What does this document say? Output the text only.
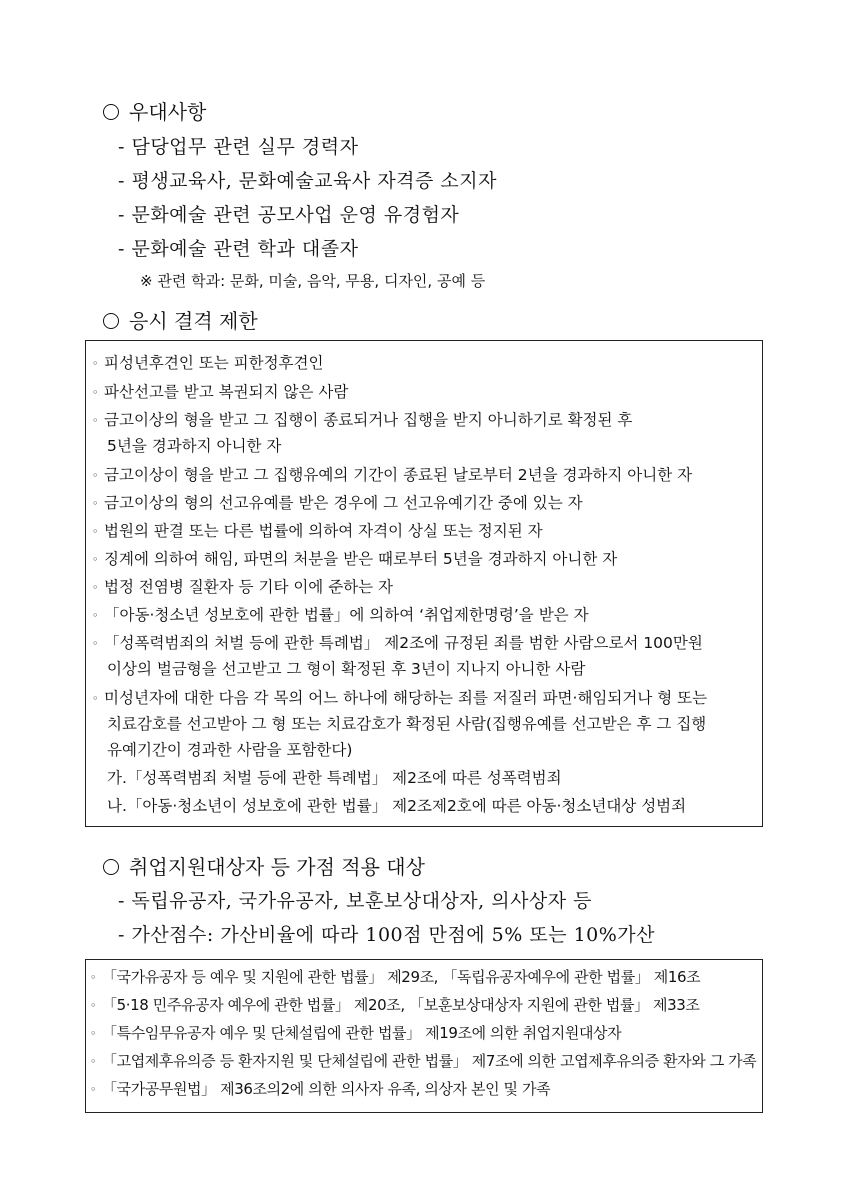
우대사항
- 담당업무 관련 실무 경력자
- 평생교육사, 문화예술교육사 자격증 소지자
- 문화예술 관련 공모사업 운영 유경험자
- 문화예술 관련 학과 대졸자
※ 관련 학과: 문화, 미술, 음악, 무용, 디자인, 공예 등
응시 결격 제한
◦ 피성년후견인 또는 피한정후견인
◦ 파산선고를 받고 복권되지 않은 사람
◦ 금고이상의 형을 받고 그 집행이 종료되거나 집행을 받지 아니하기로 확정된 후
5년을 경과하지 아니한 자
◦ 금고이상이 형을 받고 그 집행유예의 기간이 종료된 날로부터 2년을 경과하지 아니한 자
◦ 금고이상의 형의 선고유예를 받은 경우에 그 선고유예기간 중에 있는 자
◦ 법원의 판결 또는 다른 법률에 의하여 자격이 상실 또는 정지된 자
◦ 징계에 의하여 해임, 파면의 처분을 받은 때로부터 5년을 경과하지 아니한 자
◦ 법정 전염병 질환자 등 기타 이에 준하는 자
◦ 「아동·청소년 성보호에 관한 법률」에 의하여 ‘취업제한명령’을 받은 자
◦ 「성폭력범죄의 처벌 등에 관한 특례법」 제2조에 규정된 죄를 범한 사람으로서 100만원
이상의 벌금형을 선고받고 그 형이 확정된 후 3년이 지나지 아니한 사람
◦ 미성년자에 대한 다음 각 목의 어느 하나에 해당하는 죄를 저질러 파면·해임되거나 형 또는
치료감호를 선고받아 그 형 또는 치료감호가 확정된 사람(집행유예를 선고받은 후 그 집행
유예기간이 경과한 사람을 포함한다)
가.「성폭력범죄 처벌 등에 관한 특례법」 제2조에 따른 성폭력범죄
나.「아동·청소년이 성보호에 관한 법률」 제2조제2호에 따른 아동·청소년대상 성범죄
취업지원대상자 등 가점 적용 대상
- 독립유공자, 국가유공자, 보훈보상대상자, 의사상자 등
- 가산점수: 가산비율에 따라 100점 만점에 5% 또는 10%가산
◦ 「국가유공자 등 예우 및 지원에 관한 법률」 제29조, 「독립유공자예우에 관한 법률」 제16조
◦ 「5·18 민주유공자 예우에 관한 법률」 제20조, 「보훈보상대상자 지원에 관한 법률」 제33조
◦ 「특수임무유공자 예우 및 단체설립에 관한 법률」 제19조에 의한 취업지원대상자
◦ 「고엽제후유의증 등 환자지원 및 단체설립에 관한 법률」 제7조에 의한 고엽제후유의증 환자와 그 가족
◦ 「국가공무원법」 제36조의2에 의한 의사자 유족, 의상자 본인 및 가족
